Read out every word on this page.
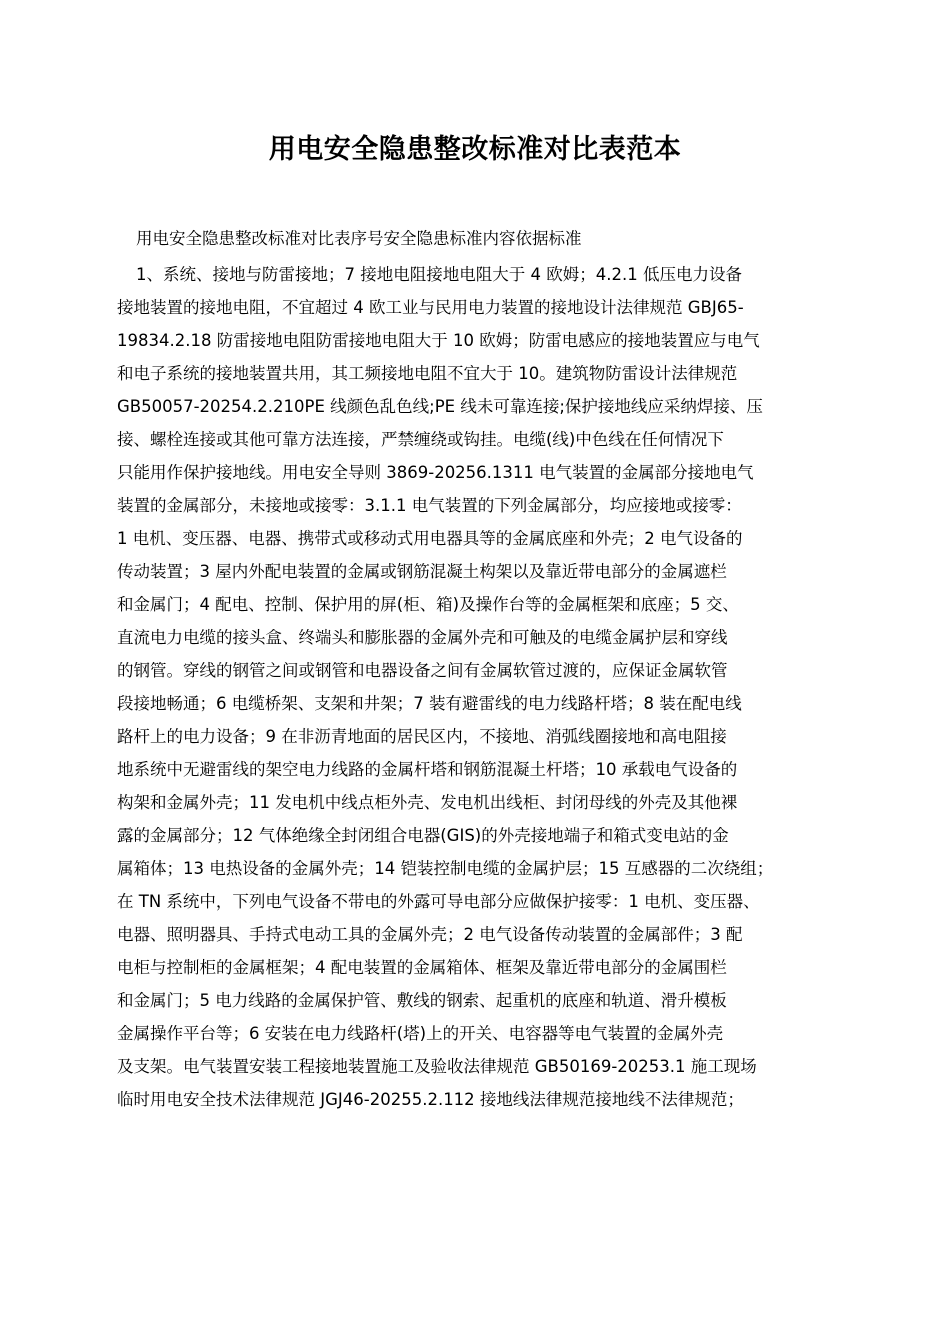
用电安全隐患整改标准对比表范本

用电安全隐患整改标准对比表序号安全隐患标准内容依据标准

1、系统、接地与防雷接地；7 接地电阻接地电阻大于 4 欧姆；4.2.1 低压电力设备
接地装置的接地电阻，不宜超过 4 欧工业与民用电力装置的接地设计法律规范 GBJ65-
19834.2.18 防雷接地电阻防雷接地电阻大于 10 欧姆；防雷电感应的接地装置应与电气
和电子系统的接地装置共用，其工频接地电阻不宜大于 10。建筑物防雷设计法律规范
GB50057-20254.2.210PE 线颜色乱色线;PE 线未可靠连接;保护接地线应采纳焊接、压
接、螺栓连接或其他可靠方法连接，严禁缠绕或钩挂。电缆(线)中色线在任何情况下
只能用作保护接地线。用电安全导则 3869-20256.1311 电气装置的金属部分接地电气
装置的金属部分，未接地或接零：3.1.1 电气装置的下列金属部分，均应接地或接零：
1 电机、变压器、电器、携带式或移动式用电器具等的金属底座和外壳；2 电气设备的
传动装置；3 屋内外配电装置的金属或钢筋混凝土构架以及靠近带电部分的金属遮栏
和金属门；4 配电、控制、保护用的屏(柜、箱)及操作台等的金属框架和底座；5 交、
直流电力电缆的接头盒、终端头和膨胀器的金属外壳和可触及的电缆金属护层和穿线
的钢管。穿线的钢管之间或钢管和电器设备之间有金属软管过渡的，应保证金属软管
段接地畅通；6 电缆桥架、支架和井架；7 装有避雷线的电力线路杆塔；8 装在配电线
路杆上的电力设备；9 在非沥青地面的居民区内，不接地、消弧线圈接地和高电阻接
地系统中无避雷线的架空电力线路的金属杆塔和钢筋混凝土杆塔；10 承载电气设备的
构架和金属外壳；11 发电机中线点柜外壳、发电机出线柜、封闭母线的外壳及其他裸
露的金属部分；12 气体绝缘全封闭组合电器(GIS)的外壳接地端子和箱式变电站的金
属箱体；13 电热设备的金属外壳；14 铠装控制电缆的金属护层；15 互感器的二次绕组；
在 TN 系统中，下列电气设备不带电的外露可导电部分应做保护接零：1 电机、变压器、
电器、照明器具、手持式电动工具的金属外壳；2 电气设备传动装置的金属部件；3 配
电柜与控制柜的金属框架；4 配电装置的金属箱体、框架及靠近带电部分的金属围栏
和金属门；5 电力线路的金属保护管、敷线的钢索、起重机的底座和轨道、滑升模板
金属操作平台等；6 安装在电力线路杆(塔)上的开关、电容器等电气装置的金属外壳
及支架。电气装置安装工程接地装置施工及验收法律规范 GB50169-20253.1 施工现场
临时用电安全技术法律规范 JGJ46-20255.2.112 接地线法律规范接地线不法律规范；
